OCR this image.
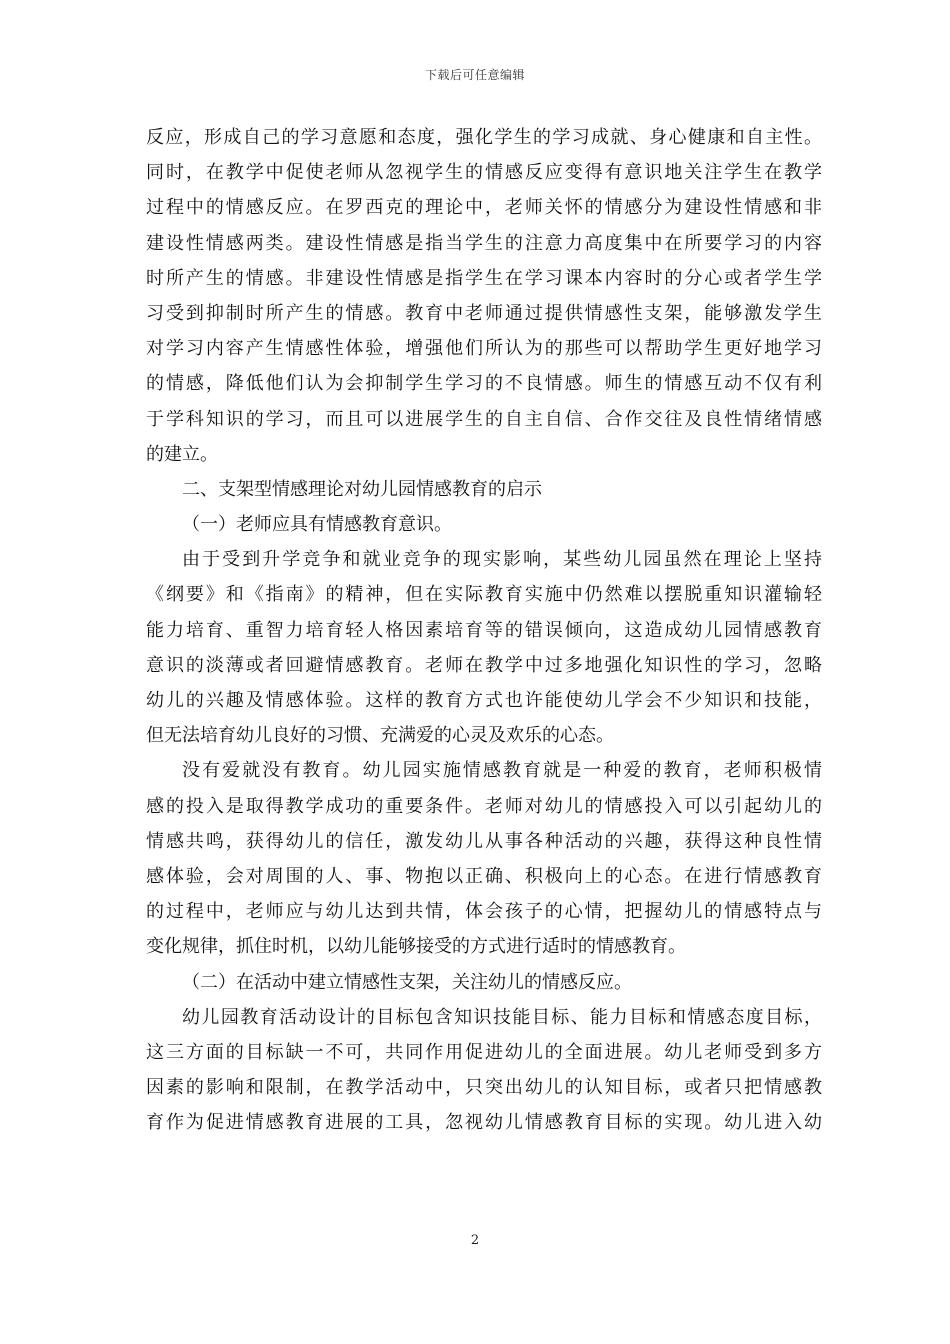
下载后可任意编辑
反应，形成自己的学习意愿和态度，强化学生的学习成就、身心健康和自主性。
同时，在教学中促使老师从忽视学生的情感反应变得有意识地关注学生在教学
过程中的情感反应。在罗西克的理论中，老师关怀的情感分为建设性情感和非
建设性情感两类。建设性情感是指当学生的注意力高度集中在所要学习的内容
时所产生的情感。非建设性情感是指学生在学习课本内容时的分心或者学生学
习受到抑制时所产生的情感。教育中老师通过提供情感性支架，能够激发学生
对学习内容产生情感性体验，增强他们所认为的那些可以帮助学生更好地学习
的情感，降低他们认为会抑制学生学习的不良情感。师生的情感互动不仅有利
于学科知识的学习，而且可以进展学生的自主自信、合作交往及良性情绪情感
的建立。
二、支架型情感理论对幼儿园情感教育的启示
（一）老师应具有情感教育意识。
由于受到升学竞争和就业竞争的现实影响，某些幼儿园虽然在理论上坚持
《纲要》和《指南》的精神，但在实际教育实施中仍然难以摆脱重知识灌输轻
能力培育、重智力培育轻人格因素培育等的错误倾向，这造成幼儿园情感教育
意识的淡薄或者回避情感教育。老师在教学中过多地强化知识性的学习，忽略
幼儿的兴趣及情感体验。这样的教育方式也许能使幼儿学会不少知识和技能，
但无法培育幼儿良好的习惯、充满爱的心灵及欢乐的心态。
没有爱就没有教育。幼儿园实施情感教育就是一种爱的教育，老师积极情
感的投入是取得教学成功的重要条件。老师对幼儿的情感投入可以引起幼儿的
情感共鸣，获得幼儿的信任，激发幼儿从事各种活动的兴趣，获得这种良性情
感体验，会对周围的人、事、物抱以正确、积极向上的心态。在进行情感教育
的过程中，老师应与幼儿达到共情，体会孩子的心情，把握幼儿的情感特点与
变化规律，抓住时机，以幼儿能够接受的方式进行适时的情感教育。
（二）在活动中建立情感性支架，关注幼儿的情感反应。
幼儿园教育活动设计的目标包含知识技能目标、能力目标和情感态度目标，
这三方面的目标缺一不可，共同作用促进幼儿的全面进展。幼儿老师受到多方
因素的影响和限制，在教学活动中，只突出幼儿的认知目标，或者只把情感教
育作为促进情感教育进展的工具，忽视幼儿情感教育目标的实现。幼儿进入幼
2
